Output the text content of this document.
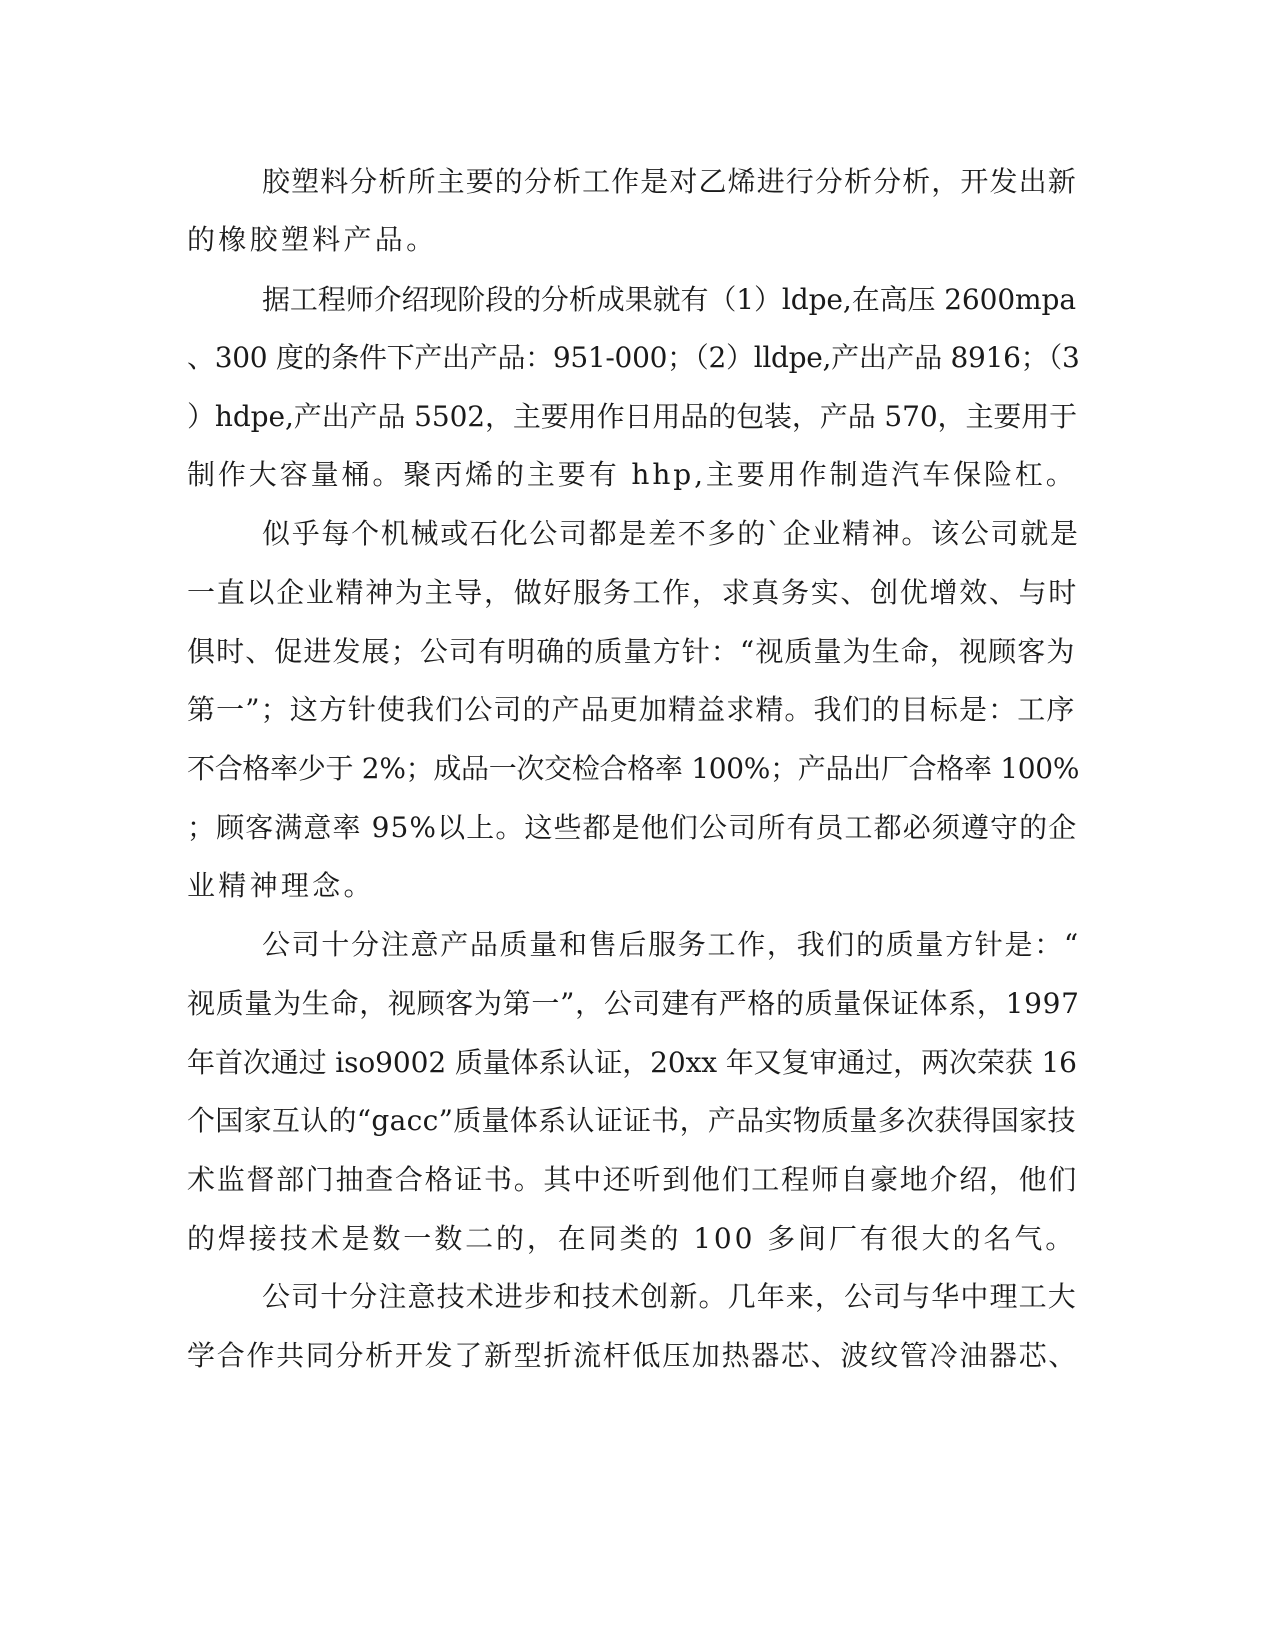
胶塑料分析所主要的分析工作是对乙烯进行分析分析，开发出新
的橡胶塑料产品。
据工程师介绍现阶段的分析成果就有（1）ldpe,在高压 2600mpa
、300 度的条件下产出产品：951-000；（2）lldpe,产出产品 8916；（3
）hdpe,产出产品 5502，主要用作日用品的包装，产品 570，主要用于
制作大容量桶。聚丙烯的主要有 hhp,主要用作制造汽车保险杠。
似乎每个机械或石化公司都是差不多的`企业精神。该公司就是
一直以企业精神为主导，做好服务工作，求真务实、创优增效、与时
俱时、促进发展；公司有明确的质量方针：“视质量为生命，视顾客为
第一”；这方针使我们公司的产品更加精益求精。我们的目标是：工序
不合格率少于 2%；成品一次交检合格率 100%；产品出厂合格率 100%
；顾客满意率 95%以上。这些都是他们公司所有员工都必须遵守的企
业精神理念。
公司十分注意产品质量和售后服务工作，我们的质量方针是：“
视质量为生命，视顾客为第一”，公司建有严格的质量保证体系，1997
年首次通过 iso9002 质量体系认证，20xx 年又复审通过，两次荣获 16
个国家互认的“gacc”质量体系认证证书，产品实物质量多次获得国家技
术监督部门抽查合格证书。其中还听到他们工程师自豪地介绍，他们
的焊接技术是数一数二的，在同类的 100 多间厂有很大的名气。
公司十分注意技术进步和技术创新。几年来，公司与华中理工大
学合作共同分析开发了新型折流杆低压加热器芯、波纹管冷油器芯、
